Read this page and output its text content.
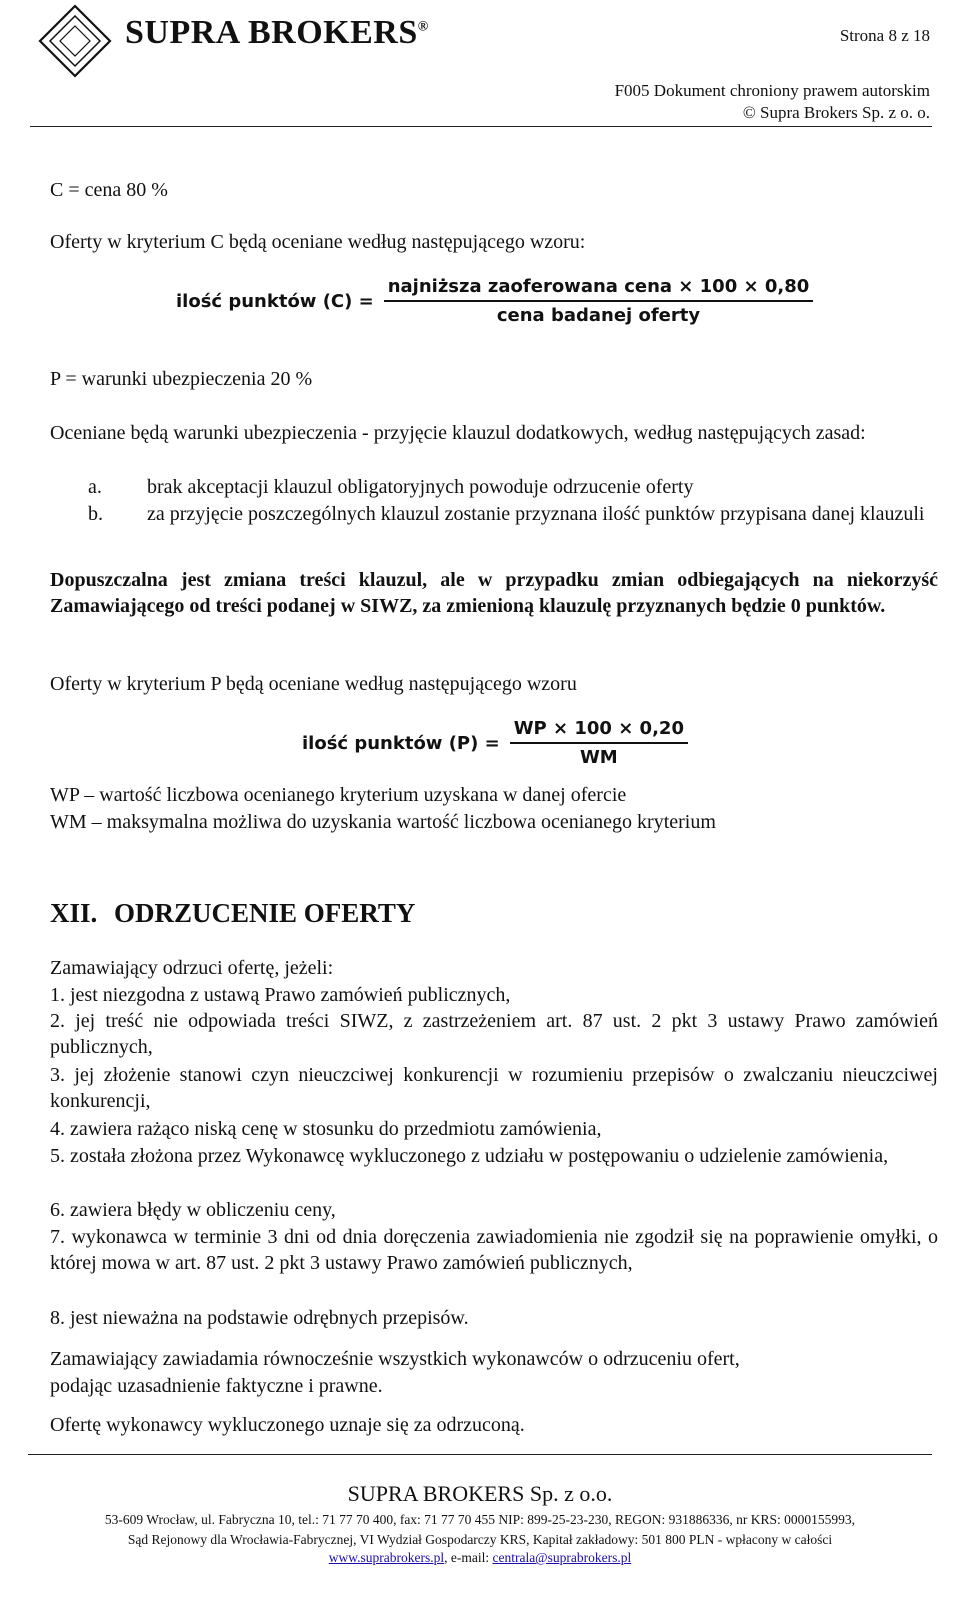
SUPRA BROKERS®	Strona 8 z 18
F005 Dokument chroniony prawem autorskim
© Supra Brokers Sp. z o. o.
C = cena 80 %
Oferty w kryterium C będą oceniane według następującego wzoru:
ilość punktów $(C) = \frac{\text{najniższa zaoferowana cena × 100 × 0,80}}{\text{cena badanej oferty}}$
P = warunki ubezpieczenia 20 %
Oceniane będą warunki ubezpieczenia - przyjęcie klauzul dodatkowych, według następujących zasad:
a. brak akceptacji klauzul obligatoryjnych powoduje odrzucenie oferty
b. za przyjęcie poszczególnych klauzul zostanie przyznana ilość punktów przypisana danej klauzuli
Dopuszczalna jest zmiana treści klauzul, ale w przypadku zmian odbiegających na niekorzyść Zamawiającego od treści podanej w SIWZ, za zmienioną klauzulę przyznanych będzie 0 punktów.
Oferty w kryterium P będą oceniane według następującego wzoru
ilość punktów $(P) = \frac{WP \times 100 \times 0,20}{WM}$
WP – wartość liczbowa ocenianego kryterium uzyskana w danej ofercie
WM – maksymalna możliwa do uzyskania wartość liczbowa ocenianego kryterium
XII. ODRZUCENIE OFERTY
Zamawiający odrzuci ofertę, jeżeli:
1. jest niezgodna z ustawą Prawo zamówień publicznych,
2. jej treść nie odpowiada treści SIWZ, z zastrzeżeniem art. 87 ust. 2 pkt 3 ustawy Prawo zamówień publicznych,
3. jej złożenie stanowi czyn nieuczciwej konkurencji w rozumieniu przepisów o zwalczaniu nieuczciwej konkurencji,
4. zawiera rażąco niską cenę w stosunku do przedmiotu zamówienia,
5. została złożona przez Wykonawcę wykluczonego z udziału w postępowaniu o udzielenie zamówienia,
6. zawiera błędy w obliczeniu ceny,
7. wykonawca w terminie 3 dni od dnia doręczenia zawiadomienia nie zgodził się na poprawienie omyłki, o której mowa w art. 87 ust. 2 pkt 3 ustawy Prawo zamówień publicznych,
8. jest nieważna na podstawie odrębnych przepisów.
Zamawiający zawiadamia równocześnie wszystkich wykonawców o odrzuceniu ofert,
podając uzasadnienie faktyczne i prawne.
Ofertę wykonawcy wykluczonego uznaje się za odrzuconą.
SUPRA BROKERS Sp. z o.o.
53-609 Wrocław, ul. Fabryczna 10, tel.: 71 77 70 400, fax: 71 77 70 455 NIP: 899-25-23-230, REGON: 931886336, nr KRS: 0000155993,
Sąd Rejonowy dla Wrocławia-Fabrycznej, VI Wydział Gospodarczy KRS, Kapitał zakładowy: 501 800 PLN - wpłacony w całości
www.suprabrokers.pl, e-mail: centrala@suprabrokers.pl
